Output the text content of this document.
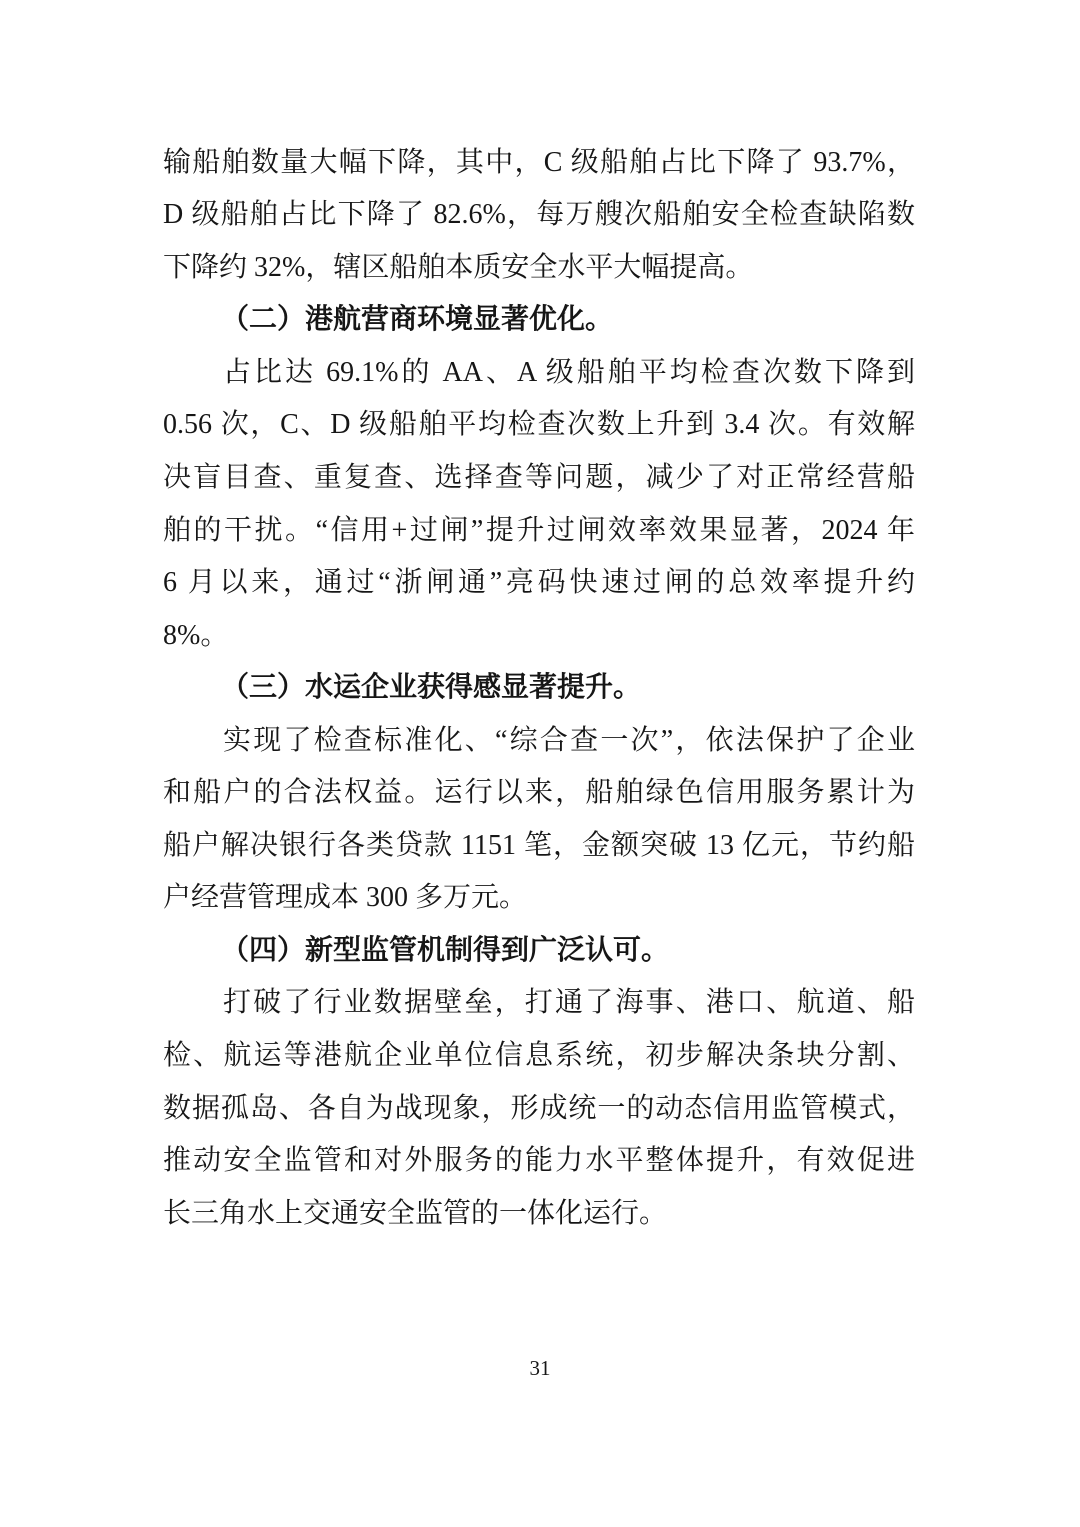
输船舶数量大幅下降，其中，C 级船舶占比下降了 93.7%，
D 级船舶占比下降了 82.6%，每万艘次船舶安全检查缺陷数
下降约 32%，辖区船舶本质安全水平大幅提高。
（二）港航营商环境显著优化。
占比达 69.1%的 AA、A 级船舶平均检查次数下降到
0.56 次，C、D 级船舶平均检查次数上升到 3.4 次。有效解
决盲目查、重复查、选择查等问题，减少了对正常经营船
舶的干扰。“信用+过闸”提升过闸效率效果显著，2024 年
6 月以来，通过“浙闸通”亮码快速过闸的总效率提升约
8%。
（三）水运企业获得感显著提升。
实现了检查标准化、“综合查一次”，依法保护了企业
和船户的合法权益。运行以来，船舶绿色信用服务累计为
船户解决银行各类贷款 1151 笔，金额突破 13 亿元，节约船
户经营管理成本 300 多万元。
（四）新型监管机制得到广泛认可。
打破了行业数据壁垒，打通了海事、港口、航道、船
检、航运等港航企业单位信息系统，初步解决条块分割、
数据孤岛、各自为战现象，形成统一的动态信用监管模式，
推动安全监管和对外服务的能力水平整体提升，有效促进
长三角水上交通安全监管的一体化运行。
31
